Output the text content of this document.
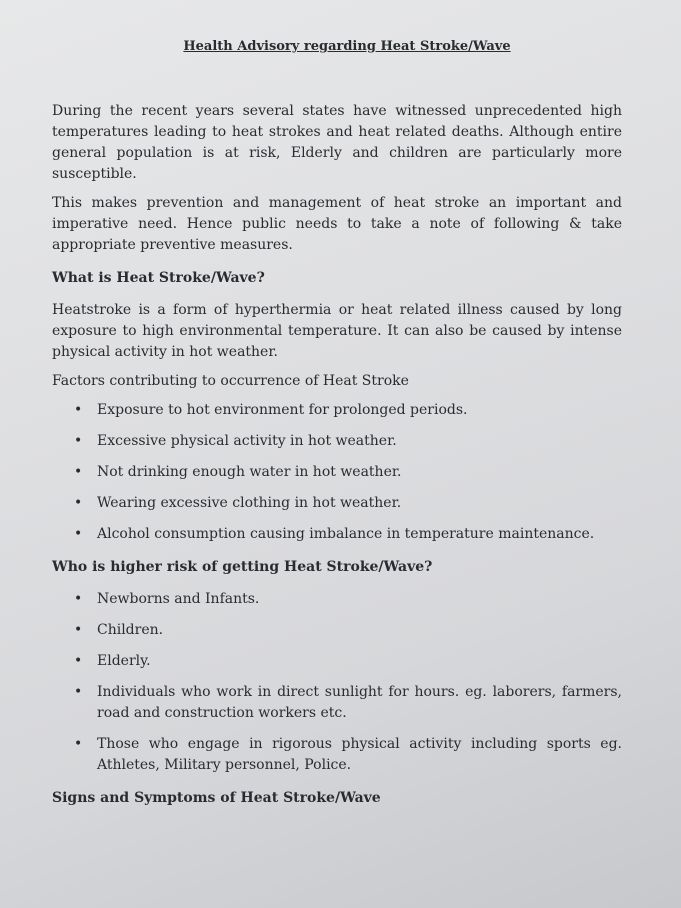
Health Advisory regarding Heat Stroke/Wave

During the recent years several states have witnessed unprecedented high temperatures leading to heat strokes and heat related deaths. Although entire general population is at risk, Elderly and children are particularly more susceptible.

This makes prevention and management of heat stroke an important and imperative need. Hence public needs to take a note of following & take appropriate preventive measures.

What is Heat Stroke/Wave?

Heatstroke is a form of hyperthermia or heat related illness caused by long exposure to high environmental temperature. It can also be caused by intense physical activity in hot weather.

Factors contributing to occurrence of Heat Stroke

• Exposure to hot environment for prolonged periods.
• Excessive physical activity in hot weather.
• Not drinking enough water in hot weather.
• Wearing excessive clothing in hot weather.
• Alcohol consumption causing imbalance in temperature maintenance.
Who is higher risk of getting Heat Stroke/Wave?
• Newborns and Infants.
• Children.
• Elderly.
• Individuals who work in direct sunlight for hours. eg. laborers, farmers, road and construction workers etc.
• Those who engage in rigorous physical activity including sports eg. Athletes, Military personnel, Police.
Signs and Symptoms of Heat Stroke/Wave
